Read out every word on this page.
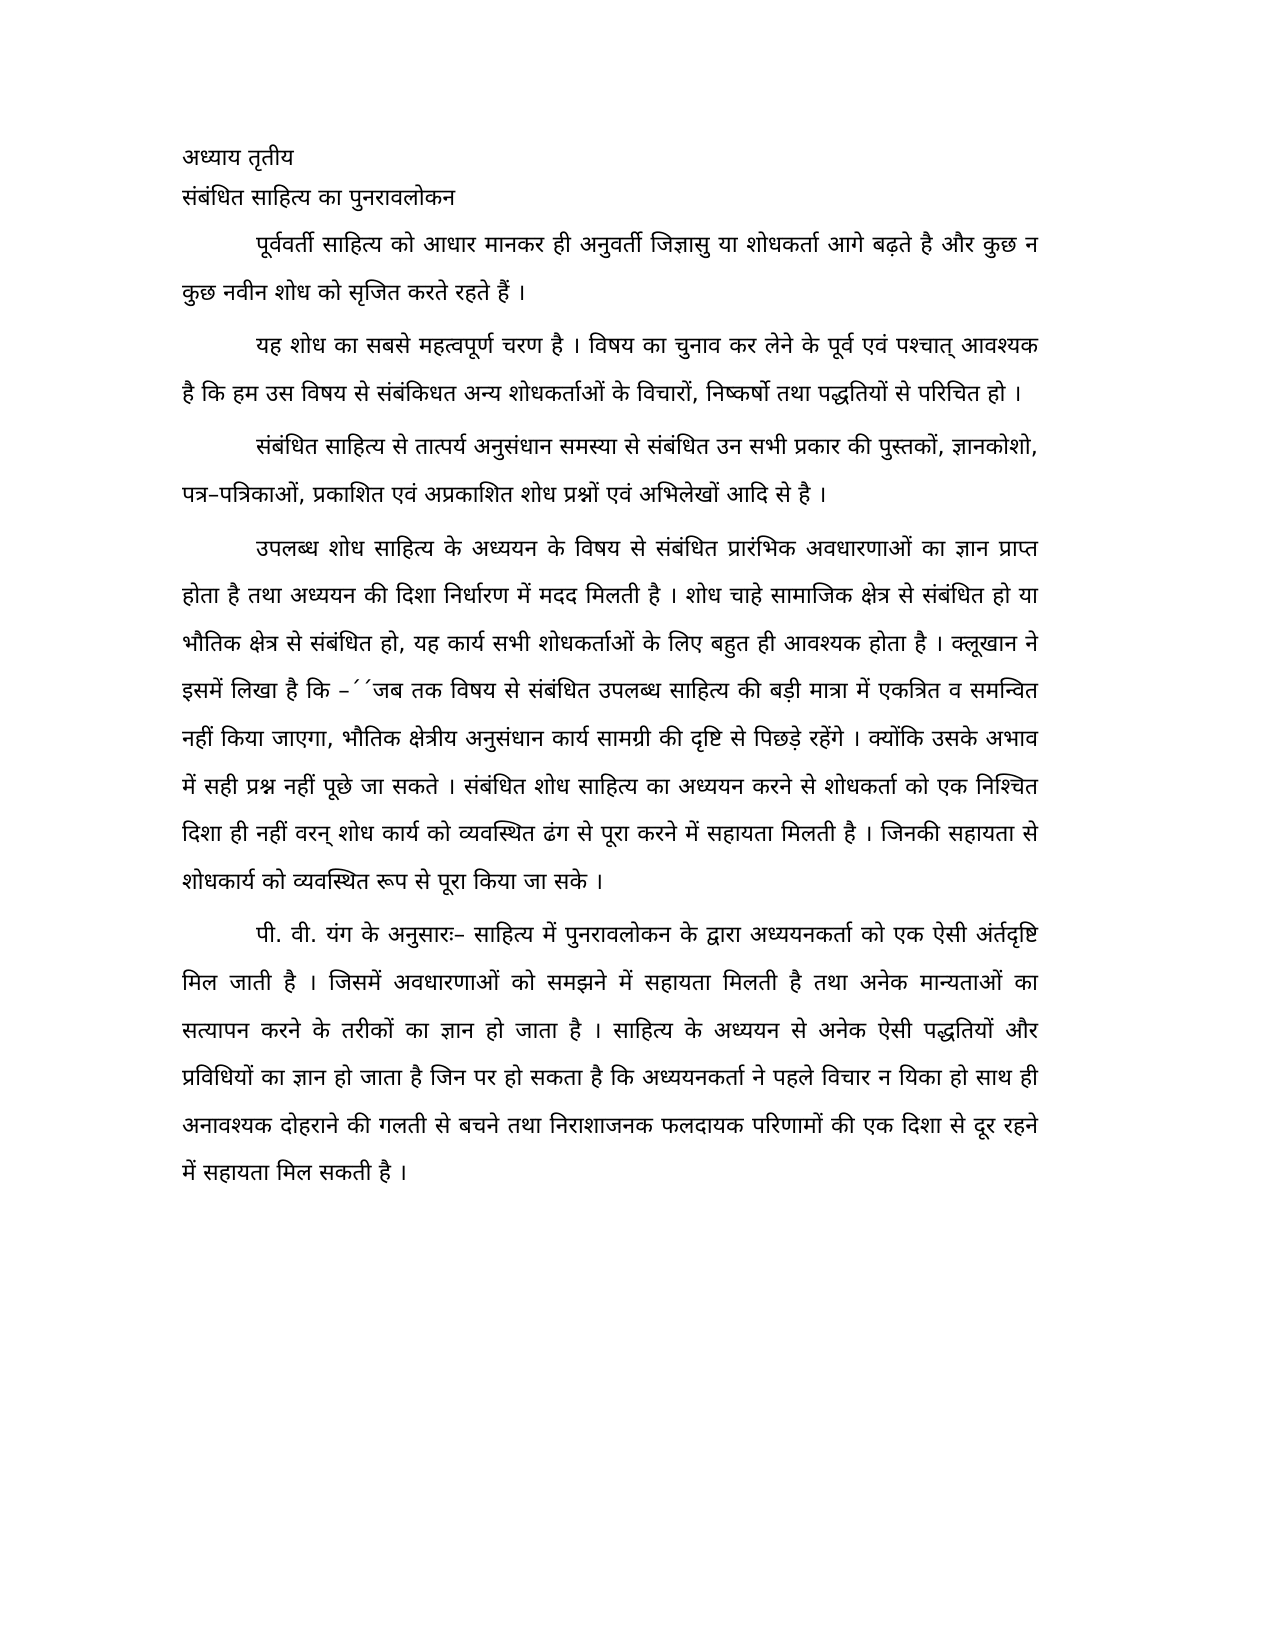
अध्याय तृतीय
संबंधित साहित्य का पुनरावलोकन

पूर्ववर्ती साहित्य को आधार मानकर ही अनुवर्ती जिज्ञासु या शोधकर्ता आगे बढ़ते है और कुछ न कुछ नवीन शोध को सृजित करते रहते हैं ।

यह शोध का सबसे महत्वपूर्ण चरण है । विषय का चुनाव कर लेने के पूर्व एवं पश्चात् आवश्यक है कि हम उस विषय से संबंकिधत अन्य शोधकर्ताओं के विचारों, निष्कर्षो तथा पद्धतियों से परिचित हो ।

संबंधित साहित्य से तात्पर्य अनुसंधान समस्या से संबंधित उन सभी प्रकार की पुस्तकों, ज्ञानकोशो, पत्र–पत्रिकाओं, प्रकाशित एवं अप्रकाशित शोध प्रश्नों एवं अभिलेखों आदि से है ।

उपलब्ध शोध साहित्य के अध्ययन के विषय से संबंधित प्रारंभिक अवधारणाओं का ज्ञान प्राप्त होता है तथा अध्ययन की दिशा निर्धारण में मदद मिलती है । शोध चाहे सामाजिक क्षेत्र से संबंधित हो या भौतिक क्षेत्र से संबंधित हो, यह कार्य सभी शोधकर्ताओं के लिए बहुत ही आवश्यक होता है । क्लूखान ने इसमें लिखा है कि –´´जब तक विषय से संबंधित उपलब्ध साहित्य की बड़ी मात्रा में एकत्रित व समन्वित नहीं किया जाएगा, भौतिक क्षेत्रीय अनुसंधान कार्य सामग्री की दृष्टि से पिछड़े रहेंगे । क्योंकि उसके अभाव में सही प्रश्न नहीं पूछे जा सकते । संबंधित शोध साहित्य का अध्ययन करने से शोधकर्ता को एक निश्चित दिशा ही नहीं वरन् शोध कार्य को व्यवस्थित ढंग से पूरा करने में सहायता मिलती है । जिनकी सहायता से शोधकार्य को व्यवस्थित रूप से पूरा किया जा सके ।

पी. वी. यंग के अनुसारः– साहित्य में पुनरावलोकन के द्वारा अध्ययनकर्ता को एक ऐसी अंर्तदृष्टि मिल जाती है । जिसमें अवधारणाओं को समझने में सहायता मिलती है तथा अनेक मान्यताओं का सत्यापन करने के तरीकों का ज्ञान हो जाता है । साहित्य के अध्ययन से अनेक ऐसी पद्धतियों और प्रविधियों का ज्ञान हो जाता है जिन पर हो सकता है कि अध्ययनकर्ता ने पहले विचार न यिका हो साथ ही अनावश्यक दोहराने की गलती से बचने तथा निराशाजनक फलदायक परिणामों की एक दिशा से दूर रहने में सहायता मिल सकती है ।
